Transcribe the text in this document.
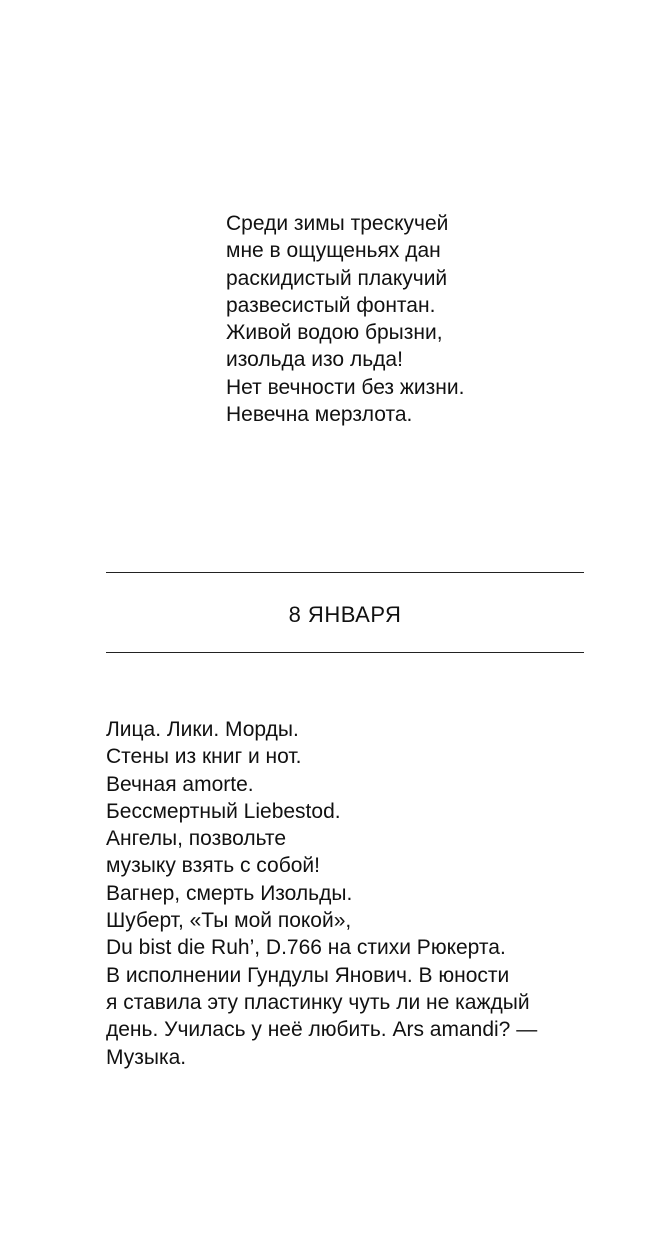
Среди зимы трескучей
мне в ощущеньях дан
раскидистый плакучий
развесистый фонтан.
Живой водою брызни,
изольда изо льда!
Нет вечности без жизни.
Невечна мерзлота.
8 ЯНВАРЯ
Лица. Лики. Морды.
Стены из книг и нот.
Вечная amorte.
Бессмертный Liebestod.
Ангелы, позвольте
музыку взять с собой!
Вагнер, смерть Изольды.
Шуберт, «Ты мой покой»,
Du bist die Ruh’, D.766 на стихи Рюкерта.
В исполнении Гундулы Янович. В юности
я ставила эту пластинку чуть ли не каждый
день. Училась у неё любить. Ars amandi? —
Музыка.
